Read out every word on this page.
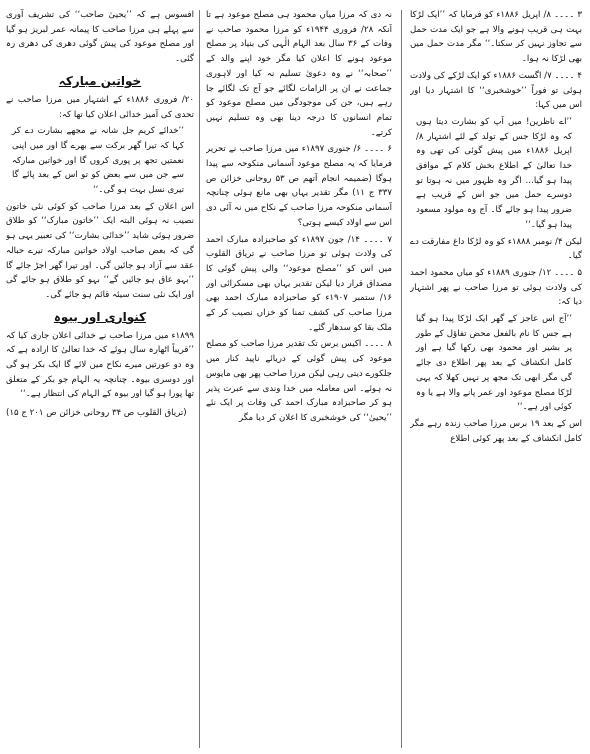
۳ ۔۔۔۔ ۸/ اپریل ۱۸۸۶ء کو فرمایا کہ ’’ایک لڑکا بہت ہی قریب ہونے والا ہے جو ایک مدت حمل سے تجاوز نہیں کر سکتا۔‘‘ مگر مدت حمل میں بھی لڑکا نہ ہوا۔

۴ ۔۔۔۔ ۷/ اگست ۱۸۸۶ء کو ایک لڑکے کی ولادت ہوئی تو فوراً ’’خوشخبری‘‘ کا اشتہار دیا اور اس میں کہا:

’’اے ناظرین! میں آپ کو بشارت دیتا ہوں کہ وہ لڑکا جس کے تولد کے لئے اشتہار ۸/ اپریل ۱۸۸۶ء میں پیش گوئی کی تھی وہ خدا تعالیٰ کے اطلاع بخش کلام کے موافق پیدا ہو گیا… اگر وہ ظہور میں نہ ہوتا تو دوسرے حمل میں جو اس کے قریب ہے ضرور پیدا ہو جائے گا۔ آج وہ مولود مسعود پیدا ہو گیا۔‘‘

لیکن ۴/ نومبر ۱۸۸۸ء کو وہ لڑکا داغ مفارقت دے گیا۔

۵ ۔۔۔۔ ۱۲/ جنوری ۱۸۸۹ء کو میاں محمود احمد کی ولادت ہوئی تو مرزا صاحب نے پھر اشتہار دیا کہ:

’’آج اس عاجز کے گھر ایک لڑکا پیدا ہو گیا ہے جس کا نام بالفعل محض تفاؤل کے طور پر بشیر اور محمود بھی رکھا گیا ہے اور کامل انکشاف کے بعد پھر اطلاع دی جائے گی مگر ابھی تک مجھ پر نہیں کھلا کہ یہی لڑکا مصلح موعود اور عمر پانے والا ہے یا وہ کوئی اور ہے۔‘‘

اس کے بعد ۱۹ برس مرزا صاحب زندہ رہے مگر کامل انکشاف کے بعد پھر کوئی اطلاع

نہ دی کہ مرزا میاں محمود ہی مصلح موعود ہے تا آنکہ ۲۸/ فروری ۱۹۴۴ء کو مرزا محمود صاحب نے وفات کے ۳۶ سال بعد الہام الٰہی کی بنیاد پر مصلح موعود ہونے کا اعلان کیا مگر خود اپنے والد کے ’’صحابہ‘‘ نے وہ دعویٰ تسلیم نہ کیا اور لاہوری جماعت نے ان پر الزامات لگائے جو آج تک لگائے جا رہے ہیں، جن کی موجودگی میں مصلح موعود کو تمام انسانوں کا درجہ دینا بھی وہ تسلیم نہیں کرتے۔

۶ ۔۔۔۔ ۶/ جنوری ۱۸۹۷ء میں مرزا صاحب نے تحریر فرمایا کہ یہ مصلح موعود آسمانی منکوحہ سے پیدا ہوگا (ضمیمہ انجام آتھم ص ۵۳ روحانی خزائن ص ۳۳۷ ج ۱۱) مگر تقدیر یہاں بھی مانع ہوئی چنانچہ آسمانی منکوحہ مرزا صاحب کے نکاح میں نہ آئی دی اس سے اولاد کیسے ہوتی؟

۷ ۔۔۔۔ ۱۴/ جون ۱۸۹۷ء کو صاحبزادہ مبارک احمد کی ولادت ہوئی تو مرزا صاحب نے تریاق القلوب میں اس کو ’’مصلح موعود‘‘ والی پیش گوئی کا مصداق قرار دیا لیکن تقدیر یہاں بھی مسکرائی اور ۱۶/ ستمبر ۱۹۰۷ء کو صاحبزادہ مبارک احمد بھی مرزا صاحب کی کشف تمنا کو خزاں نصیب کر کے ملک بقا کو سدھار گئے۔

۸ ۔۔۔۔ اکیس برس تک تقدیر مرزا صاحب کو مصلح موعود کی پیش گوئی کے دریائے ناپید کنار میں جلکورے دیتی رہی لیکن مرزا صاحب پھر بھی مایوس نہ ہوئے۔ اس معاملہ میں خدا وندی سے عبرت پذیر ہو کر صاحبزادہ مبارک احمد کی وفات پر ایک نئے ’’یحییٰ‘‘ کی خوشخبری کا اعلان کر دیا مگر

افسوس ہے کہ ’’یحییٰ صاحب‘‘ کی تشریف آوری سے پہلے ہی مرزا صاحب کا پیمانہ عمر لبریز ہو گیا اور مصلح موعود کی پیش گوئی دھری کی دھری رہ گئی۔

خواتین مبارکہ

۲۰/ فروری ۱۸۸۶ء کے اشتہار میں مرزا صاحب نے تحدی کی آمیز خدائی اعلان کیا تھا کہ:

’’خدائے کریم جل شانہ نے مجھے بشارت دے کر کہا کہ تیرا گھر برکت سے بھرے گا اور میں اپنی نعمتیں تجھ پر پوری کروں گا اور خواتین مبارکہ سے جن میں سے بعض کو تو اس کے بعد پائے گا تیری نسل بہت ہو گی۔‘‘

اس اعلان کے بعد مرزا صاحب کو کوئی نئی خاتون نصیب نہ ہوئی البتہ ایک ’’خاتون مبارک‘‘ کو طلاق ضرور ہوئی شاید ’’خدائی بشارت‘‘ کی تعبیر یہی ہو گی کہ بعض صاحب اولاد خواتین مبارکہ تیرے حبالہ عقد سے آزاد ہو جائیں گی۔ اور تیرا گھر اجڑ جائے گا ’’بہو عاق ہو جائیں گے‘‘ بہو کو طلاق ہو جائے گی اور ایک نئی سنت سیئہ قائم ہو جائے گی۔

کنواری اور بیوہ

۱۸۹۹ء میں مرزا صاحب نے خدائی اعلان جاری کیا کہ ’’قریباً اٹھارہ سال ہوئے کہ خدا تعالیٰ کا ارادہ ہے کہ وہ دو عورتیں میرے نکاح میں لائے گا ایک بکر ہو گی اور دوسری بیوہ۔ چنانچہ یہ الہام جو بکر کے متعلق تھا پورا ہو گیا اور بیوہ کے الہام کی انتظار ہے۔‘‘

(تریاق القلوب ص ۳۴ روحانی خزائن ص ۲۰۱ ج ۱۵)
